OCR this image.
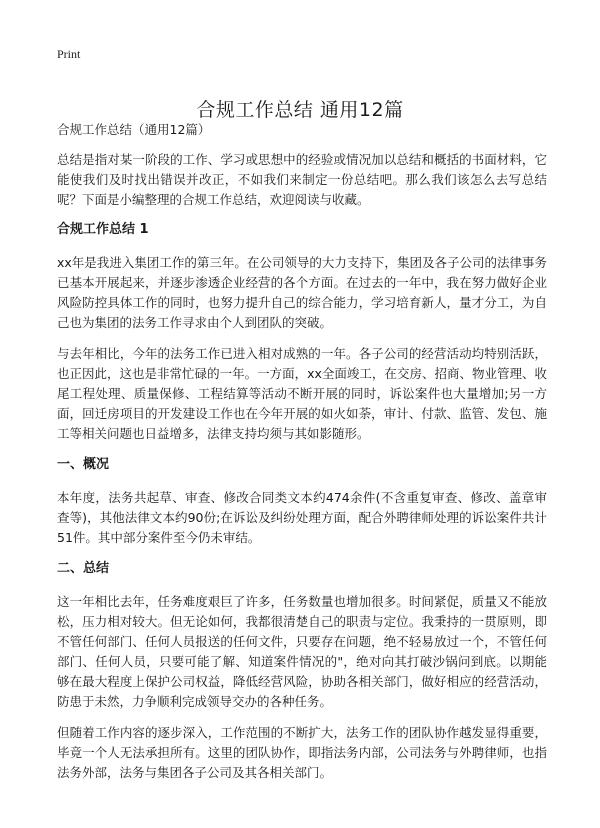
Print
合规工作总结 通用12篇

合规工作总结（通用12篇）

总结是指对某一阶段的工作、学习或思想中的经验或情况加以总结和概括的书面材料，它能使我们及时找出错误并改正，不如我们来制定一份总结吧。那么我们该怎么去写总结呢？下面是小编整理的合规工作总结，欢迎阅读与收藏。

合规工作总结 1

xx年是我进入集团工作的第三年。在公司领导的大力支持下，集团及各子公司的法律事务已基本开展起来，并逐步渗透企业经营的各个方面。在过去的一年中，我在努力做好企业风险防控具体工作的同时，也努力提升自己的综合能力，学习培育新人，量才分工，为自己也为集团的法务工作寻求由个人到团队的突破。

与去年相比，今年的法务工作已进入相对成熟的一年。各子公司的经营活动均特别活跃，也正因此，这也是非常忙碌的一年。一方面，xx全面竣工，在交房、招商、物业管理、收尾工程处理、质量保修、工程结算等活动不断开展的同时，诉讼案件也大量增加;另一方面，回迁房项目的开发建设工作也在今年开展的如火如荼，审计、付款、监管、发包、施工等相关问题也日益增多，法律支持均须与其如影随形。

一、概况

本年度，法务共起草、审查、修改合同类文本约474余件(不含重复审查、修改、盖章审查等)，其他法律文本约90份;在诉讼及纠纷处理方面，配合外聘律师处理的诉讼案件共计51件。其中部分案件至今仍未审结。

二、总结

这一年相比去年，任务难度艰巨了许多，任务数量也增加很多。时间紧促，质量又不能放松，压力相对较大。但无论如何，我都很清楚自己的职责与定位。我秉持的一贯原则，即不管任何部门、任何人员报送的任何文件，只要存在问题，绝不轻易放过一个，不管任何部门、任何人员，只要可能了解、知道案件情况的"，绝对向其打破沙锅问到底。以期能够在最大程度上保护公司权益，降低经营风险，协助各相关部门，做好相应的经营活动，防患于未然，力争顺利完成领导交办的各种任务。

但随着工作内容的逐步深入，工作范围的不断扩大，法务工作的团队协作越发显得重要，毕竟一个人无法承担所有。这里的团队协作，即指法务内部，公司法务与外聘律师，也指法务外部，法务与集团各子公司及其各相关部门。
